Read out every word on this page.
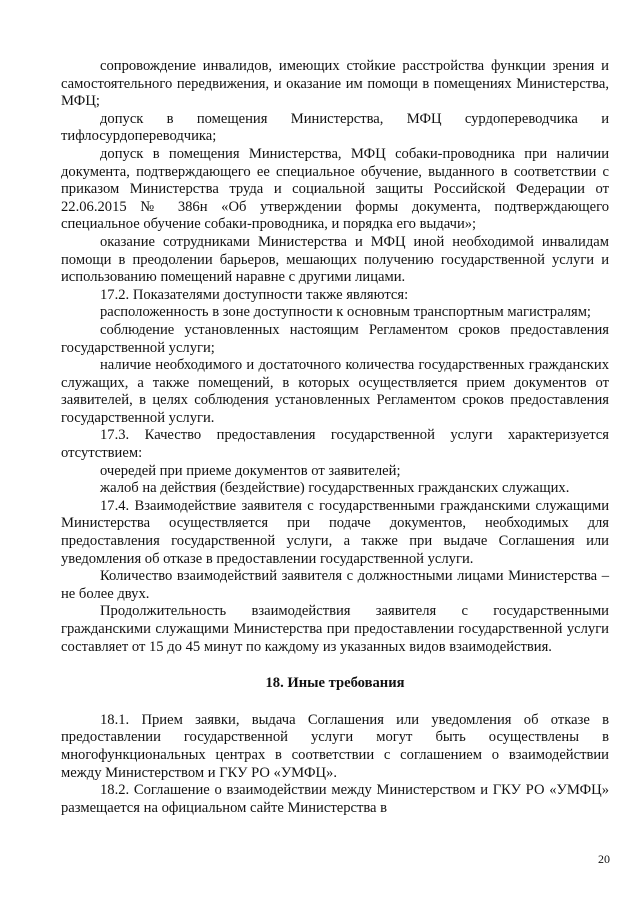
сопровождение инвалидов, имеющих стойкие расстройства функции зрения и самостоятельного передвижения, и оказание им помощи в помещениях Министерства, МФЦ;

допуск в помещения Министерства, МФЦ сурдопереводчика и тифлосурдопереводчика;

допуск в помещения Министерства, МФЦ собаки-проводника при наличии документа, подтверждающего ее специальное обучение, выданного в соответствии с приказом Министерства труда и социальной защиты Российской Федерации от 22.06.2015 № 386н «Об утверждении формы документа, подтверждающего специальное обучение собаки-проводника, и порядка его выдачи»;

оказание сотрудниками Министерства и МФЦ иной необходимой инвалидам помощи в преодолении барьеров, мешающих получению государственной услуги и использованию помещений наравне с другими лицами.

17.2. Показателями доступности также являются:

расположенность в зоне доступности к основным транспортным магистралям;

соблюдение установленных настоящим Регламентом сроков предоставления государственной услуги;

наличие необходимого и достаточного количества государственных гражданских служащих, а также помещений, в которых осуществляется прием документов от заявителей, в целях соблюдения установленных Регламентом сроков предоставления государственной услуги.

17.3. Качество предоставления государственной услуги характеризуется отсутствием:

очередей при приеме документов от заявителей;

жалоб на действия (бездействие) государственных гражданских служащих.

17.4. Взаимодействие заявителя с государственными гражданскими служащими Министерства осуществляется при подаче документов, необходимых для предоставления государственной услуги, а также при выдаче Соглашения или уведомления об отказе в предоставлении государственной услуги.

Количество взаимодействий заявителя с должностными лицами Министерства – не более двух.

Продолжительность взаимодействия заявителя с государственными гражданскими служащими Министерства при предоставлении государственной услуги составляет от 15 до 45 минут по каждому из указанных видов взаимодействия.

18. Иные требования

18.1. Прием заявки, выдача Соглашения или уведомления об отказе в предоставлении государственной услуги могут быть осуществлены в многофункциональных центрах в соответствии с соглашением о взаимодействии между Министерством и ГКУ РО «УМФЦ».

18.2. Соглашение о взаимодействии между Министерством и ГКУ РО «УМФЦ» размещается на официальном сайте Министерства в

20
